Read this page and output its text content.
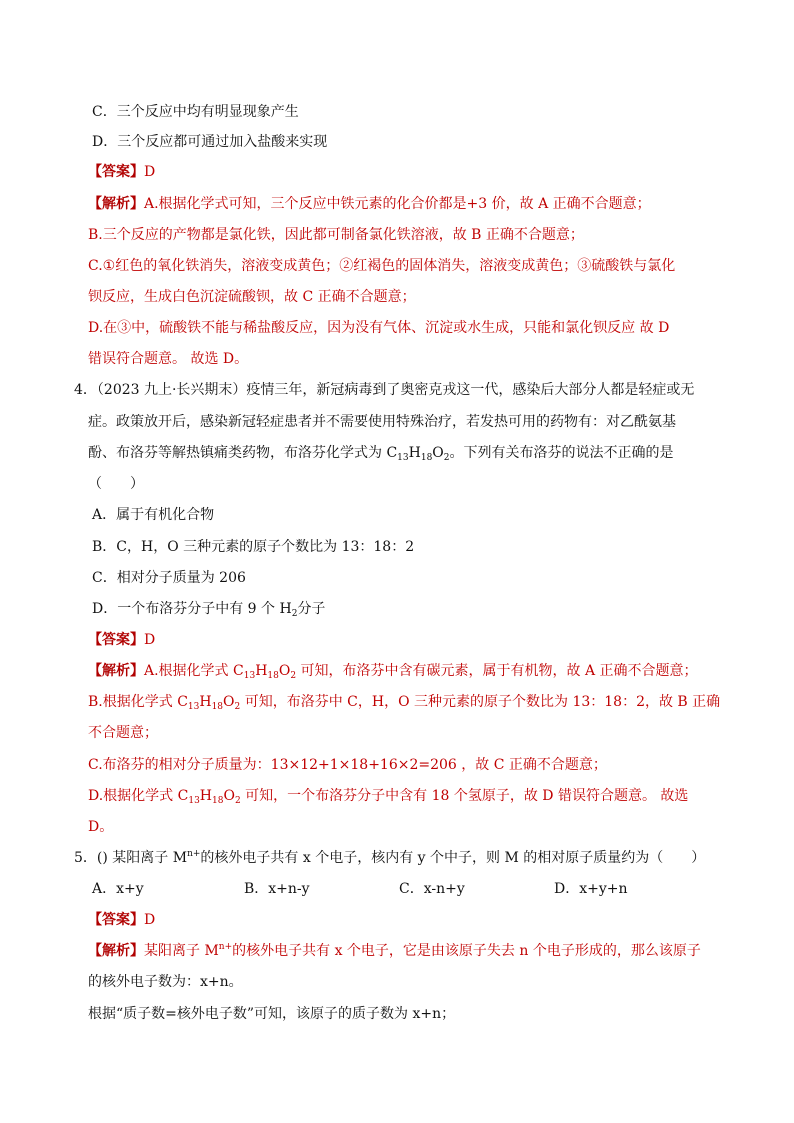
C．三个反应中均有明显现象产生
D．三个反应都可通过加入盐酸来实现
【答案】D
【解析】A.根据化学式可知，三个反应中铁元素的化合价都是+3 价，故 A 正确不合题意；
B.三个反应的产物都是氯化铁，因此都可制备氯化铁溶液，故 B 正确不合题意；
C.①红色的氧化铁消失，溶液变成黄色；②红褐色的固体消失，溶液变成黄色；③硫酸铁与氯化
钡反应，生成白色沉淀硫酸钡，故 C 正确不合题意；
D.在③中，硫酸铁不能与稀盐酸反应，因为没有气体、沉淀或水生成，只能和氯化钡反应 故 D
错误符合题意。 故选 D。
4．（2023 九上·长兴期末）疫情三年，新冠病毒到了奥密克戎这一代，感染后大部分人都是轻症或无
症。政策放开后，感染新冠轻症患者并不需要使用特殊治疗，若发热可用的药物有：对乙酰氨基
酚、布洛芬等解热镇痛类药物，布洛芬化学式为 $C_{13}H_{18}O_2$。下列有关布洛芬的说法不正确的是
（　　）
A．属于有机化合物
B．C，H，O 三种元素的原子个数比为 13：18：2
C．相对分子质量为 206
D．一个布洛芬分子中有 9 个 $H_2$分子
【答案】D
【解析】A.根据化学式 $C_{13}H_{18}O_2$ 可知，布洛芬中含有碳元素，属于有机物，故 A 正确不合题意；
B.根据化学式 $C_{13}H_{18}O_2$ 可知，布洛芬中 C，H，O 三种元素的原子个数比为 13：18：2，故 B 正确
不合题意；
C.布洛芬的相对分子质量为：13×12+1×18+16×2=206 ，故 C 正确不合题意；
D.根据化学式 $C_{13}H_{18}O_2$ 可知，一个布洛芬分子中含有 18 个氢原子，故 D 错误符合题意。 故选
D。
5．() 某阳离子 $M^{n+}$的核外电子共有 x 个电子，核内有 y 个中子，则 M 的相对原子质量约为（　　）
A．x+y	B．x+n-y	C．x-n+y	D．x+y+n
【答案】D
【解析】某阳离子 $M^{n+}$的核外电子共有 x 个电子，它是由该原子失去 n 个电子形成的，那么该原子
的核外电子数为：x+n。
根据“质子数=核外电子数”可知，该原子的质子数为 x+n；
